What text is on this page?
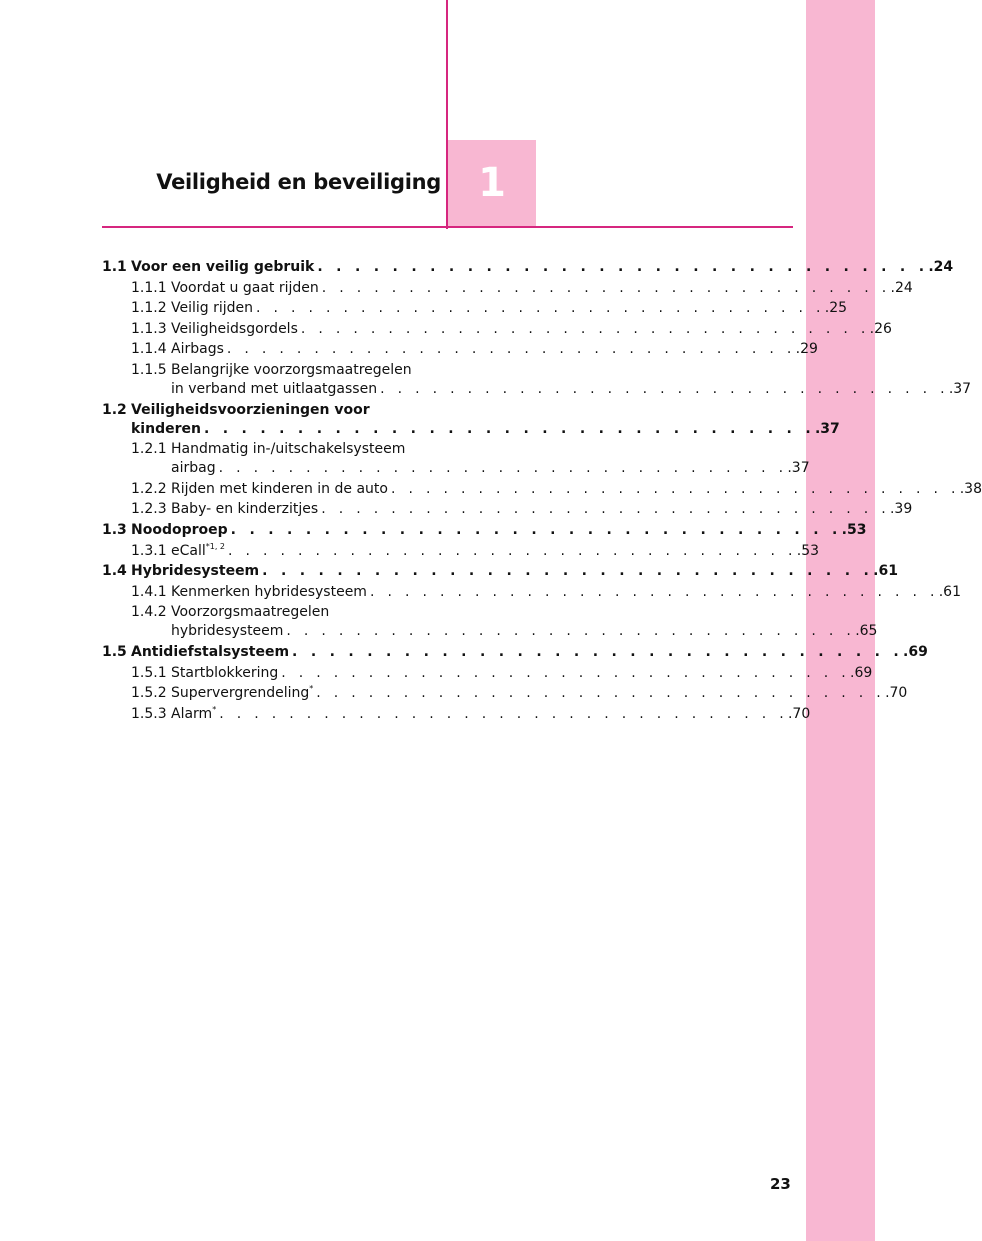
Veiligheid en beveiliging 1
1.1 Voor een veilig gebruik . . . . . . . . . . . . . . . . . . . . . . . . . . . . . . . . . .24
1.1.1 Voordat u gaat rijden . . . . . . . . . . . . . . . . . . . . . . . . . . . . . . . . . .24
1.1.2 Veilig rijden . . . . . . . . . . . . . . . . . . . . . . . . . . . . . . . . . .25
1.1.3 Veiligheidsgordels . . . . . . . . . . . . . . . . . . . . . . . . . . . . . . . . . .26
1.1.4 Airbags . . . . . . . . . . . . . . . . . . . . . . . . . . . . . . . . . .29
1.1.5 Belangrijke voorzorgsmaatregelen
in verband met uitlaatgassen . . . . . . . . . . . . . . . . . . . . . . . . . . . . . . . . . .37
1.2 Veiligheidsvoorzieningen voor
kinderen . . . . . . . . . . . . . . . . . . . . . . . . . . . . . . . . . .37
1.2.1 Handmatig in-/uitschakelsysteem
airbag . . . . . . . . . . . . . . . . . . . . . . . . . . . . . . . . . .37
1.2.2 Rijden met kinderen in de auto . . . . . . . . . . . . . . . . . . . . . . . . . . . . . . . . . .38
1.2.3 Baby- en kinderzitjes . . . . . . . . . . . . . . . . . . . . . . . . . . . . . . . . . .39
1.3 Noodoproep . . . . . . . . . . . . . . . . . . . . . . . . . . . . . . . . . .53
1.3.1 eCall$^{*1, 2}$ . . . . . . . . . . . . . . . . . . . . . . . . . . . . . . . . . .53
1.4 Hybridesysteem . . . . . . . . . . . . . . . . . . . . . . . . . . . . . . . . . .61
1.4.1 Kenmerken hybridesysteem . . . . . . . . . . . . . . . . . . . . . . . . . . . . . . . . . .61
1.4.2 Voorzorgsmaatregelen
hybridesysteem . . . . . . . . . . . . . . . . . . . . . . . . . . . . . . . . . .65
1.5 Antidiefstalsysteem . . . . . . . . . . . . . . . . . . . . . . . . . . . . . . . . . .69
1.5.1 Startblokkering . . . . . . . . . . . . . . . . . . . . . . . . . . . . . . . . . .69
1.5.2 Supervergrendeling* . . . . . . . . . . . . . . . . . . . . . . . . . . . . . . . . . .70
1.5.3 Alarm* . . . . . . . . . . . . . . . . . . . . . . . . . . . . . . . . . .70
23
